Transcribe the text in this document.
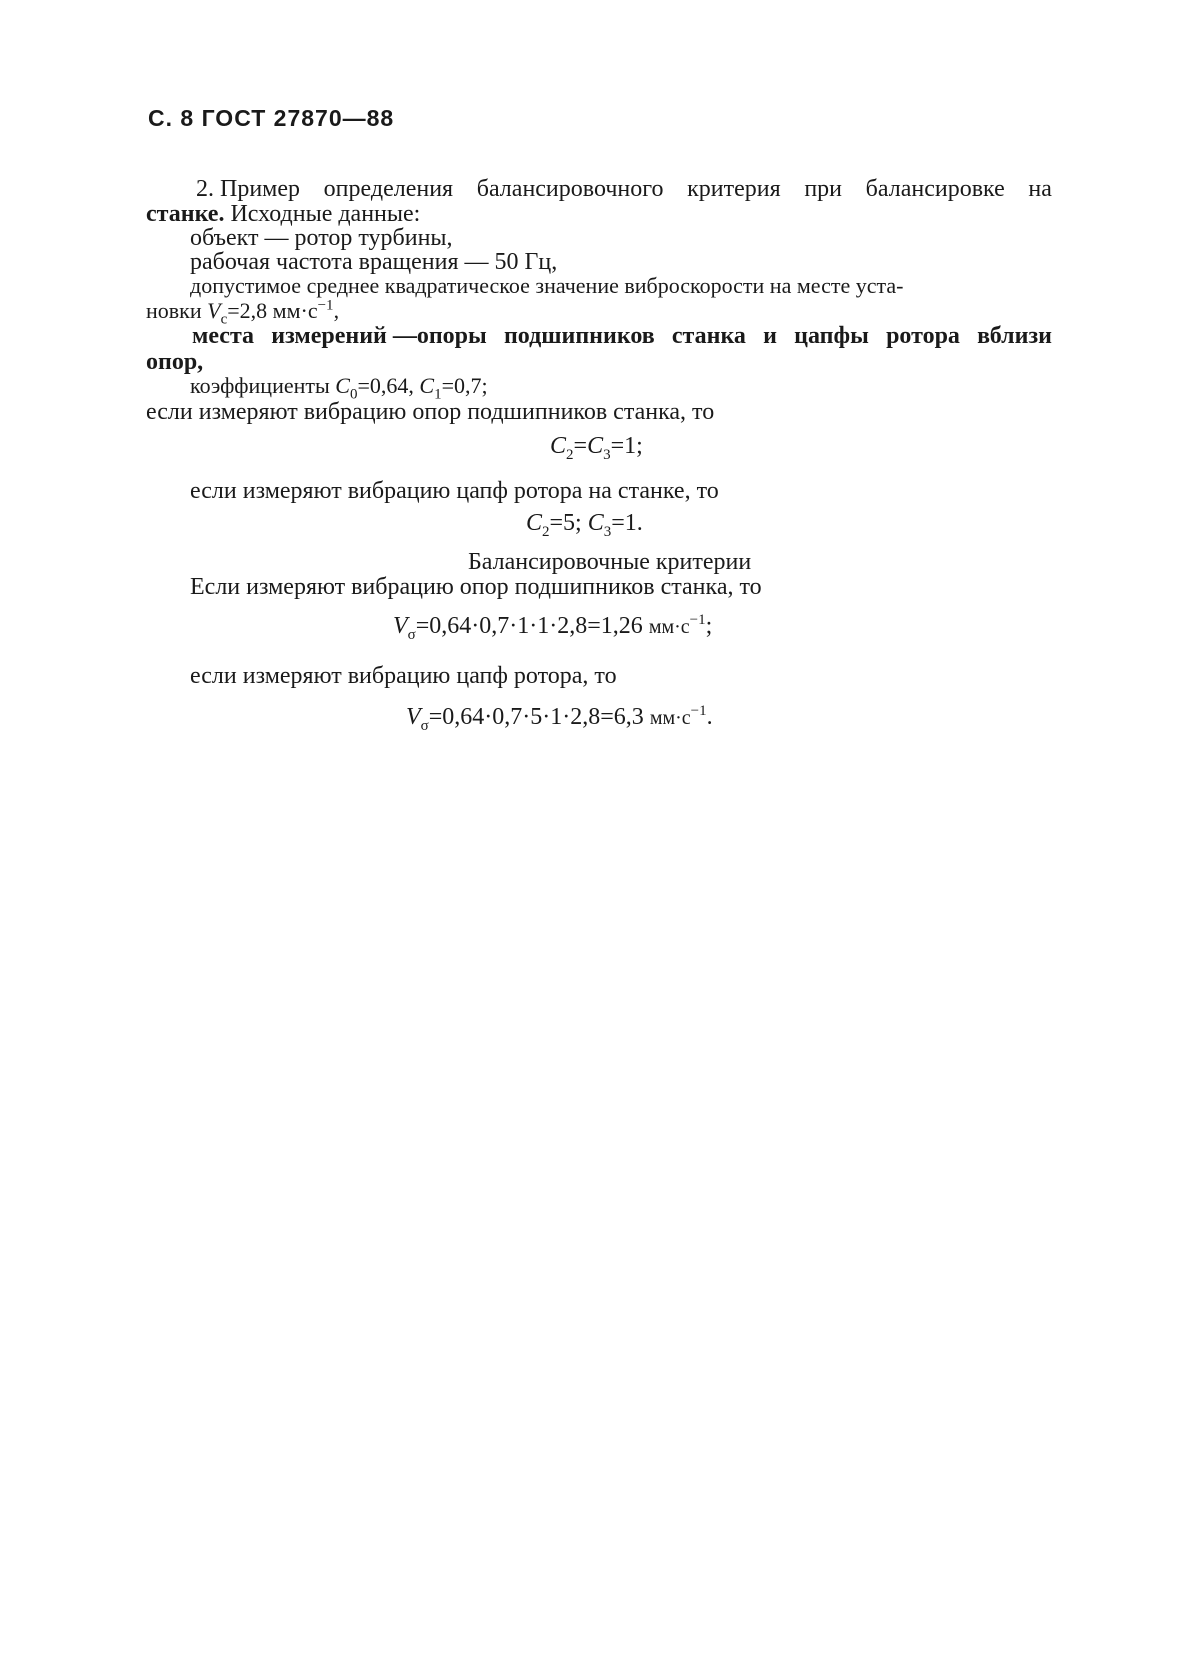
С. 8 ГОСТ 27870—88
2. Пример определения балансировочного критерия при балансировке на
станке. Исходные данные:
объект — ротор турбины,
рабочая частота вращения — 50 Гц,
допустимое среднее квадратическое значение виброскорости на месте уста-
новки $V_c=2,8$ $мм\cdot с^{-1}$,
места измерений —опоры подшипников станка и цапфы ротора вблизи
опор,
коэффициенты $C_0=0,64$, $C_1=0,7$;
если измеряют вибрацию опор подшипников станка, то
$C_2=C_3=1$;
если измеряют вибрацию цапф ротора на станке, то
$C_2=5$; $C_3=1$.
Балансировочные критерии
Если измеряют вибрацию опор подшипников станка, то
$V_\sigma=0,64\cdot 0,7\cdot 1\cdot 1\cdot 2,8=1,26$ $мм\cdot с^{-1}$;
если измеряют вибрацию цапф ротора, то
$V_\sigma=0,64\cdot 0,7\cdot 5\cdot 1\cdot 2,8=6,3$ $мм\cdot с^{-1}$.
